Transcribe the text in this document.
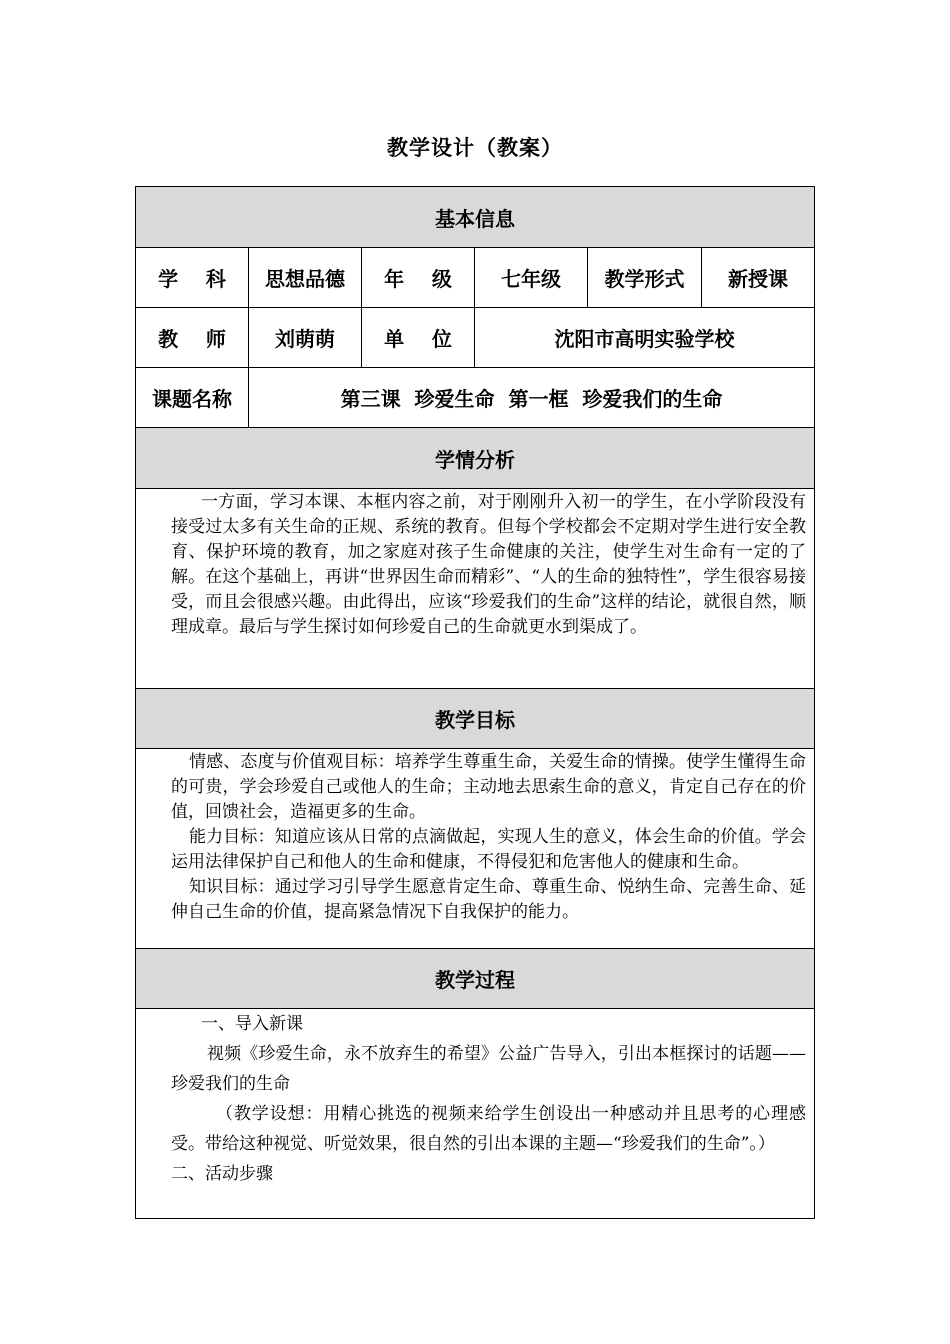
教学设计（教案）
基本信息
学    科	思想品德	年    级	七年级	教学形式	新授课
教    师	刘萌萌	单    位	沈阳市高明实验学校
课题名称	第三课  珍爱生命  第一框  珍爱我们的生命
学情分析

一方面，学习本课、本框内容之前，对于刚刚升入初一的学生，在小学阶段没有接受过太多有关生命的正规、系统的教育。但每个学校都会不定期对学生进行安全教育、保护环境的教育，加之家庭对孩子生命健康的关注，使学生对生命有一定的了解。在这个基础上，再讲“世界因生命而精彩”、“人的生命的独特性”，学生很容易接受，而且会很感兴趣。由此得出，应该“珍爱我们的生命”这样的结论，就很自然，顺理成章。最后与学生探讨如何珍爱自己的生命就更水到渠成了。

教学目标

情感、态度与价值观目标：培养学生尊重生命，关爱生命的情操。使学生懂得生命的可贵，学会珍爱自己或他人的生命；主动地去思索生命的意义，肯定自己存在的价值，回馈社会，造福更多的生命。

能力目标：知道应该从日常的点滴做起，实现人生的意义，体会生命的价值。学会运用法律保护自己和他人的生命和健康，不得侵犯和危害他人的健康和生命。

知识目标：通过学习引导学生愿意肯定生命、尊重生命、悦纳生命、完善生命、延伸自己生命的价值，提高紧急情况下自我保护的能力。

教学过程

一、导入新课

视频《珍爱生命，永不放弃生的希望》公益广告导入，引出本框探讨的话题——珍爱我们的生命

（教学设想：用精心挑选的视频来给学生创设出一种感动并且思考的心理感受。带给这种视觉、听觉效果，很自然的引出本课的主题—“珍爱我们的生命”。）

二、活动步骤
